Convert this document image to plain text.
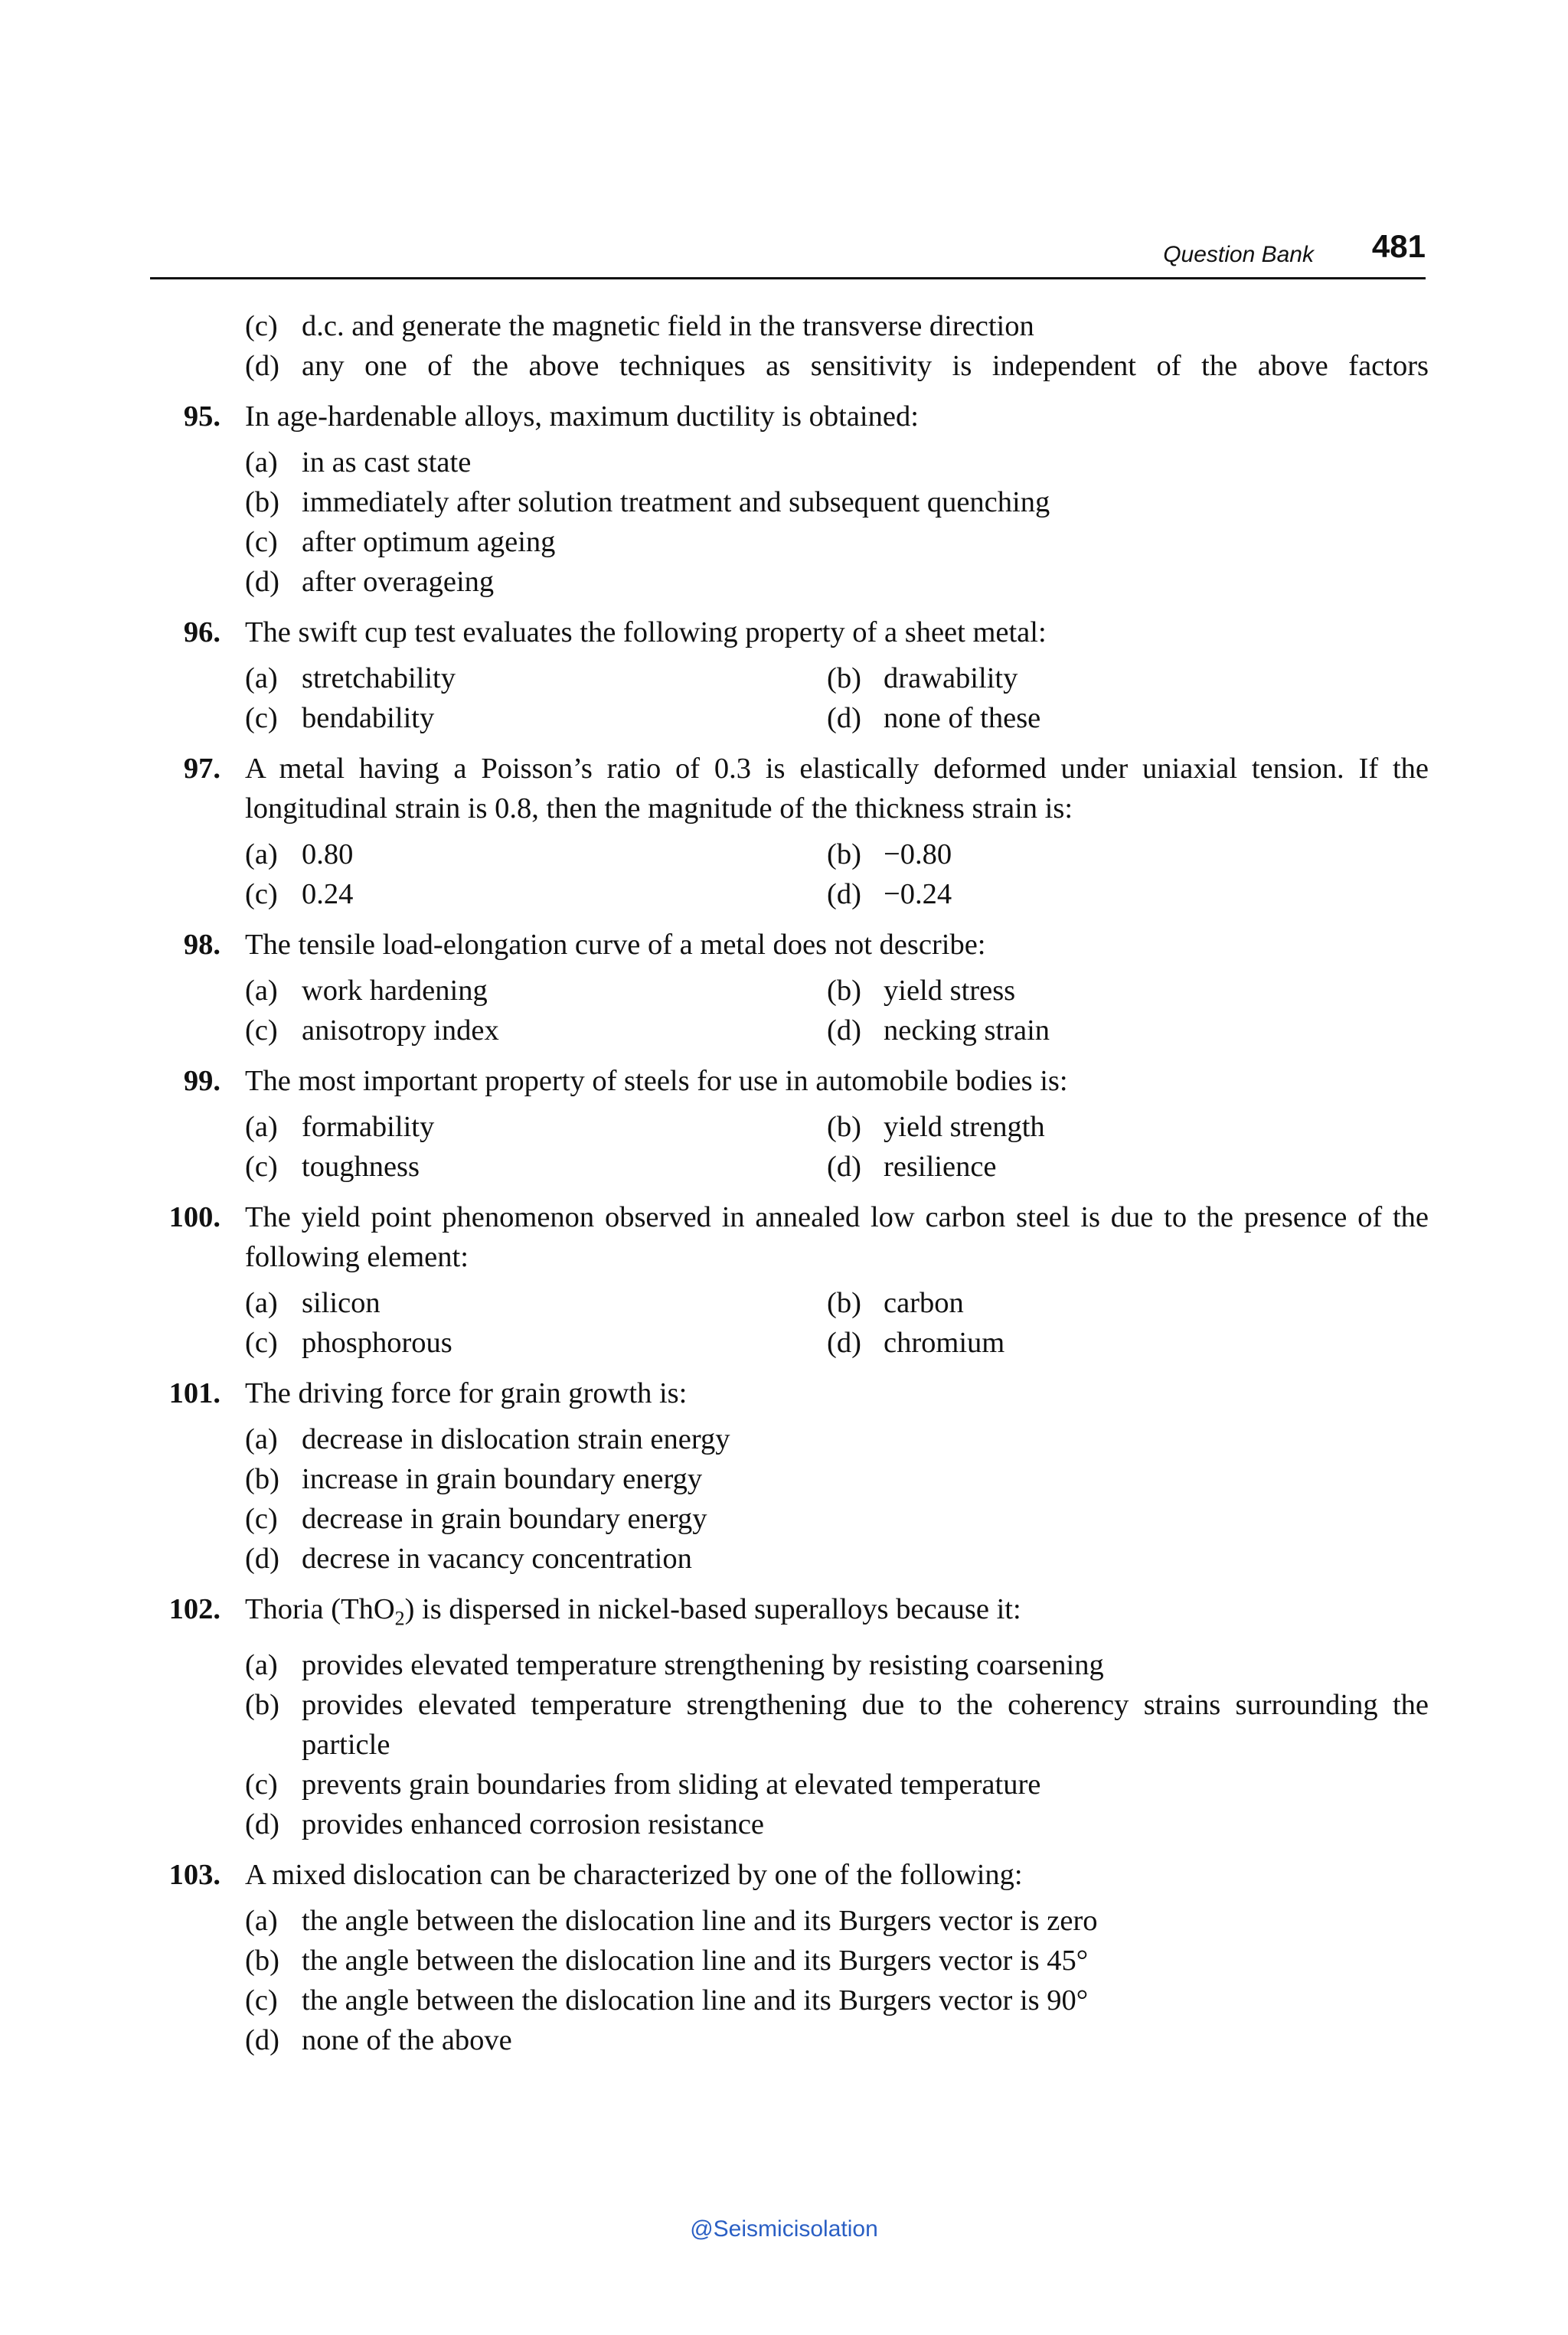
Question Bank 481
(c) d.c. and generate the magnetic field in the transverse direction
(d) any one of the above techniques as sensitivity is independent of the above factors
95. In age-hardenable alloys, maximum ductility is obtained:
(a) in as cast state
(b) immediately after solution treatment and subsequent quenching
(c) after optimum ageing
(d) after overageing
96. The swift cup test evaluates the following property of a sheet metal:
(a) stretchability	(b) drawability
(c) bendability	(d) none of these
97. A metal having a Poisson’s ratio of 0.3 is elastically deformed under uniaxial tension. If the longitudinal strain is 0.8, then the magnitude of the thickness strain is:
(a) 0.80	(b) −0.80
(c) 0.24	(d) −0.24
98. The tensile load-elongation curve of a metal does not describe:
(a) work hardening	(b) yield stress
(c) anisotropy index	(d) necking strain
99. The most important property of steels for use in automobile bodies is:
(a) formability	(b) yield strength
(c) toughness	(d) resilience
100. The yield point phenomenon observed in annealed low carbon steel is due to the presence of the following element:
(a) silicon	(b) carbon
(c) phosphorous	(d) chromium
101. The driving force for grain growth is:
(a) decrease in dislocation strain energy
(b) increase in grain boundary energy
(c) decrease in grain boundary energy
(d) decrese in vacancy concentration
102. Thoria (ThO$_2$) is dispersed in nickel-based superalloys because it:
(a) provides elevated temperature strengthening by resisting coarsening
(b) provides elevated temperature strengthening due to the coherency strains surrounding the particle
(c) prevents grain boundaries from sliding at elevated temperature
(d) provides enhanced corrosion resistance
103. A mixed dislocation can be characterized by one of the following:
(a) the angle between the dislocation line and its Burgers vector is zero
(b) the angle between the dislocation line and its Burgers vector is 45°
(c) the angle between the dislocation line and its Burgers vector is 90°
(d) none of the above
@Seismicisolation
